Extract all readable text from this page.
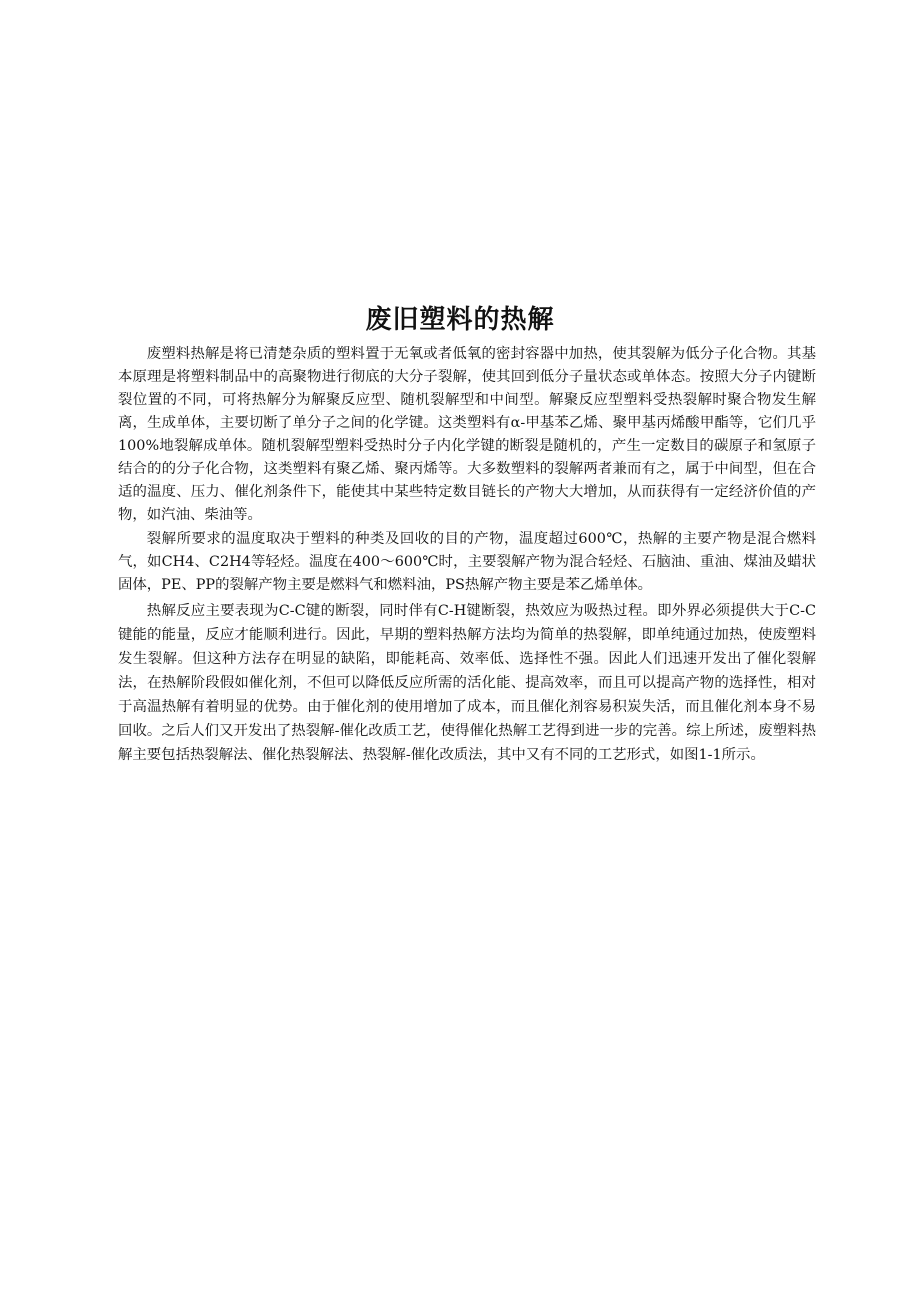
废旧塑料的热解

废塑料热解是将已清楚杂质的塑料置于无氧或者低氧的密封容器中加热，使其裂解为低分子化合物。其基本原理是将塑料制品中的高聚物进行彻底的大分子裂解，使其回到低分子量状态或单体态。按照大分子内键断裂位置的不同，可将热解分为解聚反应型、随机裂解型和中间型。解聚反应型塑料受热裂解时聚合物发生解离，生成单体，主要切断了单分子之间的化学键。这类塑料有α-甲基苯乙烯、聚甲基丙烯酸甲酯等，它们几乎100%地裂解成单体。随机裂解型塑料受热时分子内化学键的断裂是随机的，产生一定数目的碳原子和氢原子结合的的分子化合物，这类塑料有聚乙烯、聚丙烯等。大多数塑料的裂解两者兼而有之，属于中间型，但在合适的温度、压力、催化剂条件下，能使其中某些特定数目链长的产物大大增加，从而获得有一定经济价值的产物，如汽油、柴油等。

裂解所要求的温度取决于塑料的种类及回收的目的产物，温度超过600℃，热解的主要产物是混合燃料气，如CH4、C2H4等轻烃。温度在400～600℃时，主要裂解产物为混合轻烃、石脑油、重油、煤油及蜡状固体，PE、PP的裂解产物主要是燃料气和燃料油，PS热解产物主要是苯乙烯单体。

热解反应主要表现为C-C键的断裂，同时伴有C-H键断裂，热效应为吸热过程。即外界必须提供大于C-C键能的能量，反应才能顺利进行。因此，早期的塑料热解方法均为简单的热裂解，即单纯通过加热，使废塑料发生裂解。但这种方法存在明显的缺陷，即能耗高、效率低、选择性不强。因此人们迅速开发出了催化裂解法，在热解阶段假如催化剂，不但可以降低反应所需的活化能、提高效率，而且可以提高产物的选择性，相对于高温热解有着明显的优势。由于催化剂的使用增加了成本，而且催化剂容易积炭失活，而且催化剂本身不易回收。之后人们又开发出了热裂解-催化改质工艺，使得催化热解工艺得到进一步的完善。综上所述，废塑料热解主要包括热裂解法、催化热裂解法、热裂解-催化改质法，其中又有不同的工艺形式，如图1-1所示。
